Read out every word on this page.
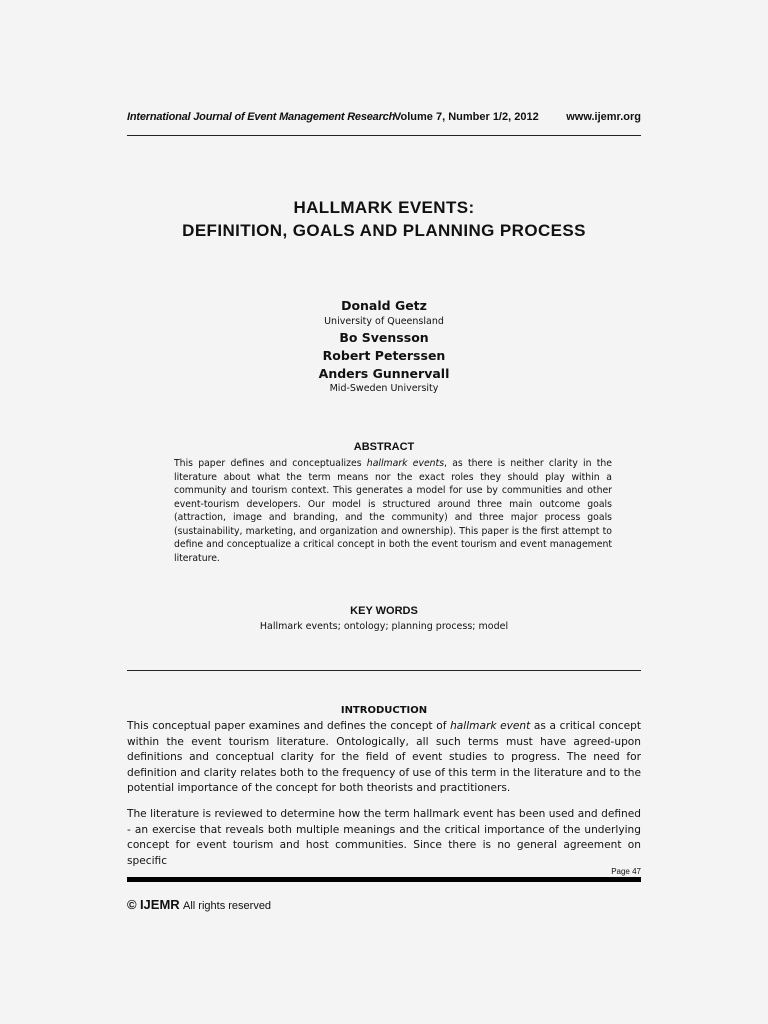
International Journal of Event Management Research
Volume 7, Number 1/2, 2012	www.ijemr.org
HALLMARK EVENTS:
DEFINITION, GOALS AND PLANNING PROCESS
Donald Getz
University of Queensland
Bo Svensson
Robert Peterssen
Anders Gunnervall
Mid-Sweden University
ABSTRACT
This paper defines and conceptualizes hallmark events, as there is neither clarity in the literature about what the term means nor the exact roles they should play within a community and tourism context. This generates a model for use by communities and other event-tourism developers. Our model is structured around three main outcome goals (attraction, image and branding, and the community) and three major process goals (sustainability, marketing, and organization and ownership). This paper is the first attempt to define and conceptualize a critical concept in both the event tourism and event management literature.
KEY WORDS
Hallmark events; ontology; planning process; model
INTRODUCTION
This conceptual paper examines and defines the concept of hallmark event as a critical concept within the event tourism literature. Ontologically, all such terms must have agreed-upon definitions and conceptual clarity for the field of event studies to progress. The need for definition and clarity relates both to the frequency of use of this term in the literature and to the potential importance of the concept for both theorists and practitioners.
The literature is reviewed to determine how the term hallmark event has been used and defined - an exercise that reveals both multiple meanings and the critical importance of the underlying concept for event tourism and host communities. Since there is no general agreement on specific
Page 47
© IJEMR All rights reserved
